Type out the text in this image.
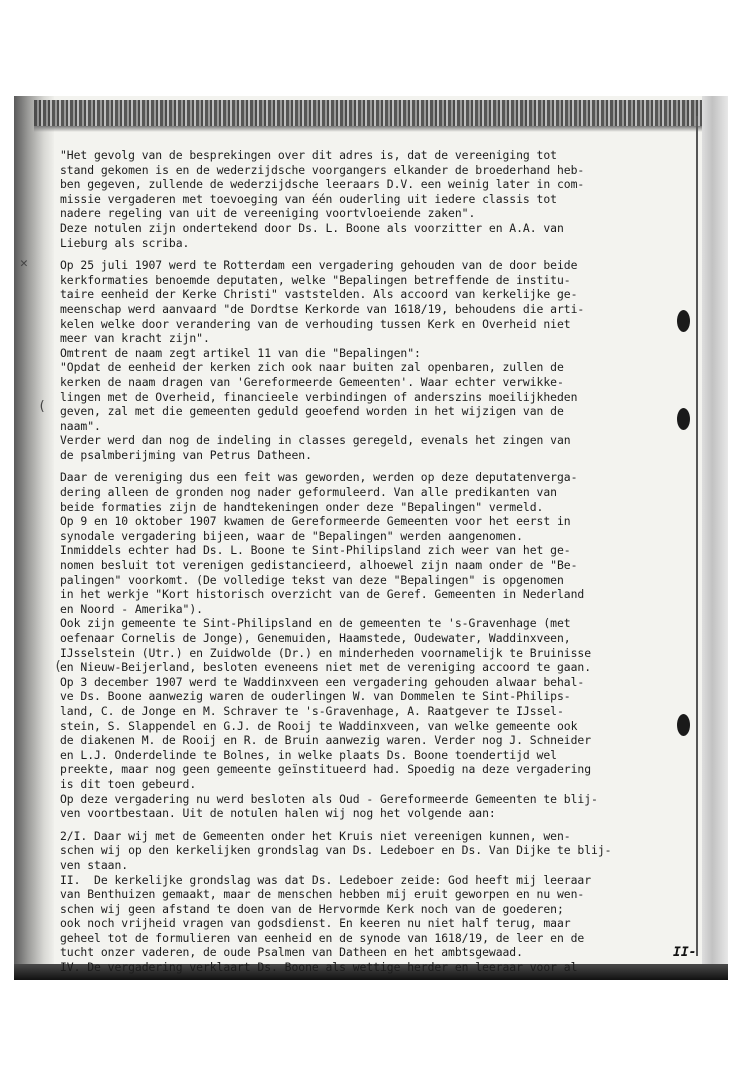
✕
(
(
"Het gevolg van de besprekingen over dit adres is, dat de vereeniging tot
stand gekomen is en de wederzijdsche voorgangers elkander de broederhand heb-
ben gegeven, zullende de wederzijdsche leeraars D.V. een weinig later in com-
missie vergaderen met toevoeging van één ouderling uit iedere classis tot
nadere regeling van uit de vereeniging voortvloeiende zaken".
Deze notulen zijn ondertekend door Ds. L. Boone als voorzitter en A.A. van
Lieburg als scriba.
Op 25 juli 1907 werd te Rotterdam een vergadering gehouden van de door beide
kerkformaties benoemde deputaten, welke "Bepalingen betreffende de institu-
taire eenheid der Kerke Christi" vaststelden. Als accoord van kerkelijke ge-
meenschap werd aanvaard "de Dordtse Kerkorde van 1618/19, behoudens die arti-
kelen welke door verandering van de verhouding tussen Kerk en Overheid niet
meer van kracht zijn".
Omtrent de naam zegt artikel 11 van die "Bepalingen":
"Opdat de eenheid der kerken zich ook naar buiten zal openbaren, zullen de
kerken de naam dragen van 'Gereformeerde Gemeenten'. Waar echter verwikke-
lingen met de Overheid, financieele verbindingen of anderszins moeilijkheden
geven, zal met die gemeenten geduld geoefend worden in het wijzigen van de
naam".
Verder werd dan nog de indeling in classes geregeld, evenals het zingen van
de psalmberijming van Petrus Datheen.
Daar de vereniging dus een feit was geworden, werden op deze deputatenverga-
dering alleen de gronden nog nader geformuleerd. Van alle predikanten van
beide formaties zijn de handtekeningen onder deze "Bepalingen" vermeld.
Op 9 en 10 oktober 1907 kwamen de Gereformeerde Gemeenten voor het eerst in
synodale vergadering bijeen, waar de "Bepalingen" werden aangenomen.
Inmiddels echter had Ds. L. Boone te Sint-Philipsland zich weer van het ge-
nomen besluit tot verenigen gedistancieerd, alhoewel zijn naam onder de "Be-
palingen" voorkomt. (De volledige tekst van deze "Bepalingen" is opgenomen
in het werkje "Kort historisch overzicht van de Geref. Gemeenten in Nederland
en Noord - Amerika").
Ook zijn gemeente te Sint-Philipsland en de gemeenten te 's-Gravenhage (met
oefenaar Cornelis de Jonge), Genemuiden, Haamstede, Oudewater, Waddinxveen,
IJsselstein (Utr.) en Zuidwolde (Dr.) en minderheden voornamelijk te Bruinisse
en Nieuw-Beijerland, besloten eveneens niet met de vereniging accoord te gaan.
Op 3 december 1907 werd te Waddinxveen een vergadering gehouden alwaar behal-
ve Ds. Boone aanwezig waren de ouderlingen W. van Dommelen te Sint-Philips-
land, C. de Jonge en M. Schraver te 's-Gravenhage, A. Raatgever te IJssel-
stein, S. Slappendel en G.J. de Rooij te Waddinxveen, van welke gemeente ook
de diakenen M. de Rooij en R. de Bruin aanwezig waren. Verder nog J. Schneider
en L.J. Onderdelinde te Bolnes, in welke plaats Ds. Boone toendertijd wel
preekte, maar nog geen gemeente geïnstitueerd had. Spoedig na deze vergadering
is dit toen gebeurd.
Op deze vergadering nu werd besloten als Oud - Gereformeerde Gemeenten te blij-
ven voortbestaan. Uit de notulen halen wij nog het volgende aan:
2/I. Daar wij met de Gemeenten onder het Kruis niet vereenigen kunnen, wen-
schen wij op den kerkelijken grondslag van Ds. Ledeboer en Ds. Van Dijke te blij-
ven staan.
II.  De kerkelijke grondslag was dat Ds. Ledeboer zeide: God heeft mij leeraar
van Benthuizen gemaakt, maar de menschen hebben mij eruit geworpen en nu wen-
schen wij geen afstand te doen van de Hervormde Kerk noch van de goederen;
ook noch vrijheid vragen van godsdienst. En keeren nu niet half terug, maar
geheel tot de formulieren van eenheid en de synode van 1618/19, de leer en de
tucht onzer vaderen, de oude Psalmen van Datheen en het ambtsgewaad.
IV. De vergadering verklaart Ds. Boone als wettige herder en leeraar voor al
II-
